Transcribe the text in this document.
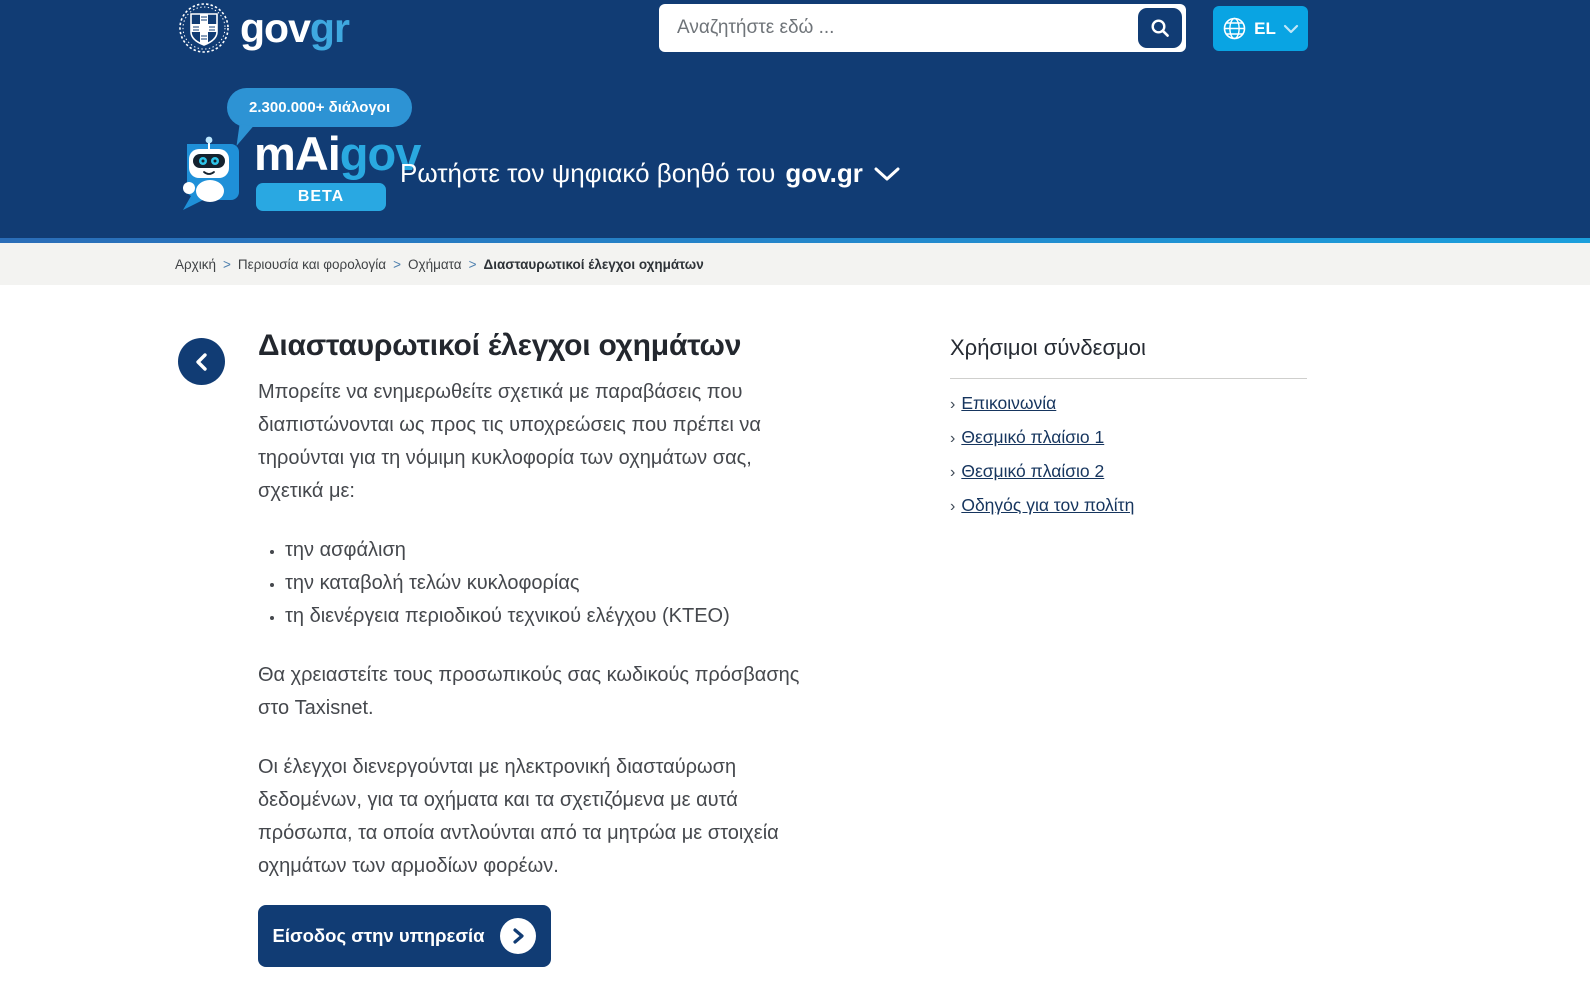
govgr
Αναζητήστε εδώ ...	EL
2.300.000+ διάλογοι
mAigov
BETA
Ρωτήστε τον ψηφιακό βοηθό του gov.gr
Αρχική > Περιουσία και φορολογία > Οχήματα > Διασταυρωτικοί έλεγχοι οχημάτων
Διασταυρωτικοί έλεγχοι οχημάτων

Μπορείτε να ενημερωθείτε σχετικά με παραβάσεις που διαπιστώνονται ως προς τις υποχρεώσεις που πρέπει να τηρούνται για τη νόμιμη κυκλοφορία των οχημάτων σας, σχετικά με:

• την ασφάλιση
• την καταβολή τελών κυκλοφορίας
• τη διενέργεια περιοδικού τεχνικού ελέγχου (ΚΤΕΟ)

Θα χρειαστείτε τους προσωπικούς σας κωδικούς πρόσβασης στο Taxisnet.

Οι έλεγχοι διενεργούνται με ηλεκτρονική διασταύρωση δεδομένων, για τα οχήματα και τα σχετιζόμενα με αυτά πρόσωπα, τα οποία αντλούνται από τα μητρώα με στοιχεία οχημάτων των αρμοδίων φορέων.

Είσοδος στην υπηρεσία
Χρήσιμοι σύνδεσμοι
› Επικοινωνία
› Θεσμικό πλαίσιο 1
› Θεσμικό πλαίσιο 2
› Οδηγός για τον πολίτη
